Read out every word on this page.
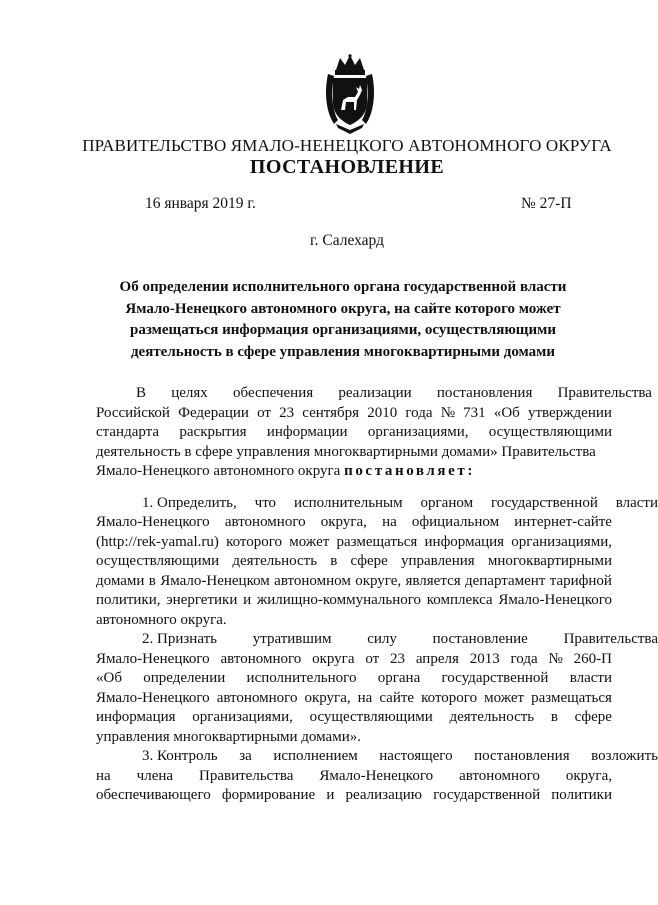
ПРАВИТЕЛЬСТВО ЯМАЛО-НЕНЕЦКОГО АВТОНОМНОГО ОКРУГА
ПОСТАНОВЛЕНИЕ
16 января 2019 г.	№ 27-П
г. Салехард
Об определении исполнительного органа государственной власти
Ямало-Ненецкого автономного округа, на сайте которого может
размещаться информация организациями, осуществляющими
деятельность в сфере управления многоквартирными домами

В целях обеспечения реализации постановления Правительства
Российской Федерации от 23 сентября 2010 года № 731 «Об утверждении
стандарта раскрытия информации организациями, осуществляющими
деятельность в сфере управления многоквартирными домами» Правительства
Ямало-Ненецкого автономного округа постановляет:

1. Определить, что исполнительным органом государственной власти
Ямало-Ненецкого автономного округа, на официальном интернет-сайте
(http://rek-yamal.ru) которого может размещаться информация организациями,
осуществляющими деятельность в сфере управления многоквартирными
домами в Ямало-Ненецком автономном округе, является департамент тарифной
политики, энергетики и жилищно-коммунального комплекса Ямало-Ненецкого
автономного округа.

2. Признать утратившим силу постановление Правительства
Ямало-Ненецкого автономного округа от 23 апреля 2013 года № 260-П
«Об определении исполнительного органа государственной власти
Ямало-Ненецкого автономного округа, на сайте которого может размещаться
информация организациями, осуществляющими деятельность в сфере
управления многоквартирными домами».

3. Контроль за исполнением настоящего постановления возложить
на члена Правительства Ямало-Ненецкого автономного округа,
обеспечивающего формирование и реализацию государственной политики
